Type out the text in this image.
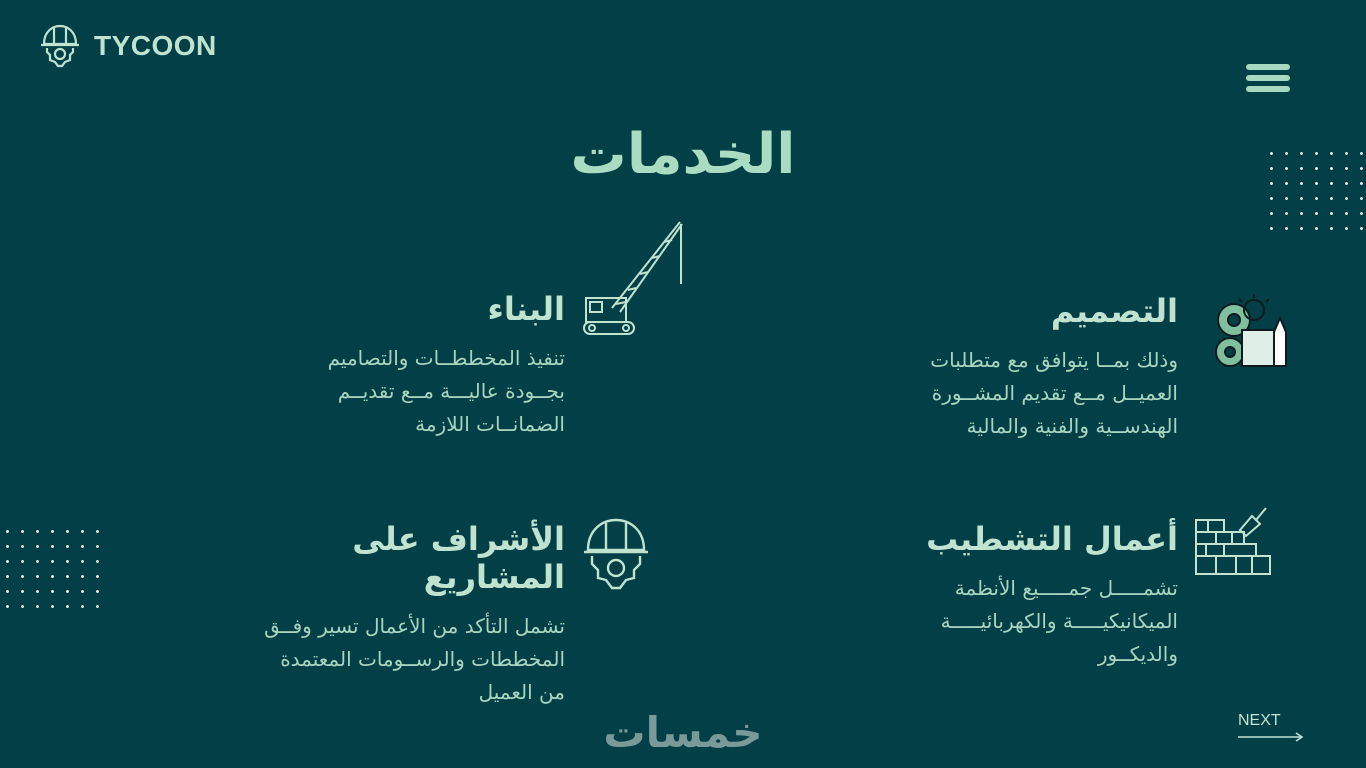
TYCOON
الخدمات
التصميم

وذلك بمــا يتوافق مع متطلبات

العميــل مــع تقديم المشــورة

الهندســية والفنية والمالية

البناء

تنفيذ المخططــات والتصاميم

بجــودة عاليـــة مــع تقديــم

الضمانــات اللازمة

أعمال التشطيب

تشمـــــل جمـــــيع الأنظمة

الميكانيكيـــــة والكهربائيـــــة

والديكــور

الأشراف على المشاريع

تشمل التأكد من الأعمال تسير وفــق

المخططات والرســومات المعتمدة

من العميل

خمسات	NEXT
